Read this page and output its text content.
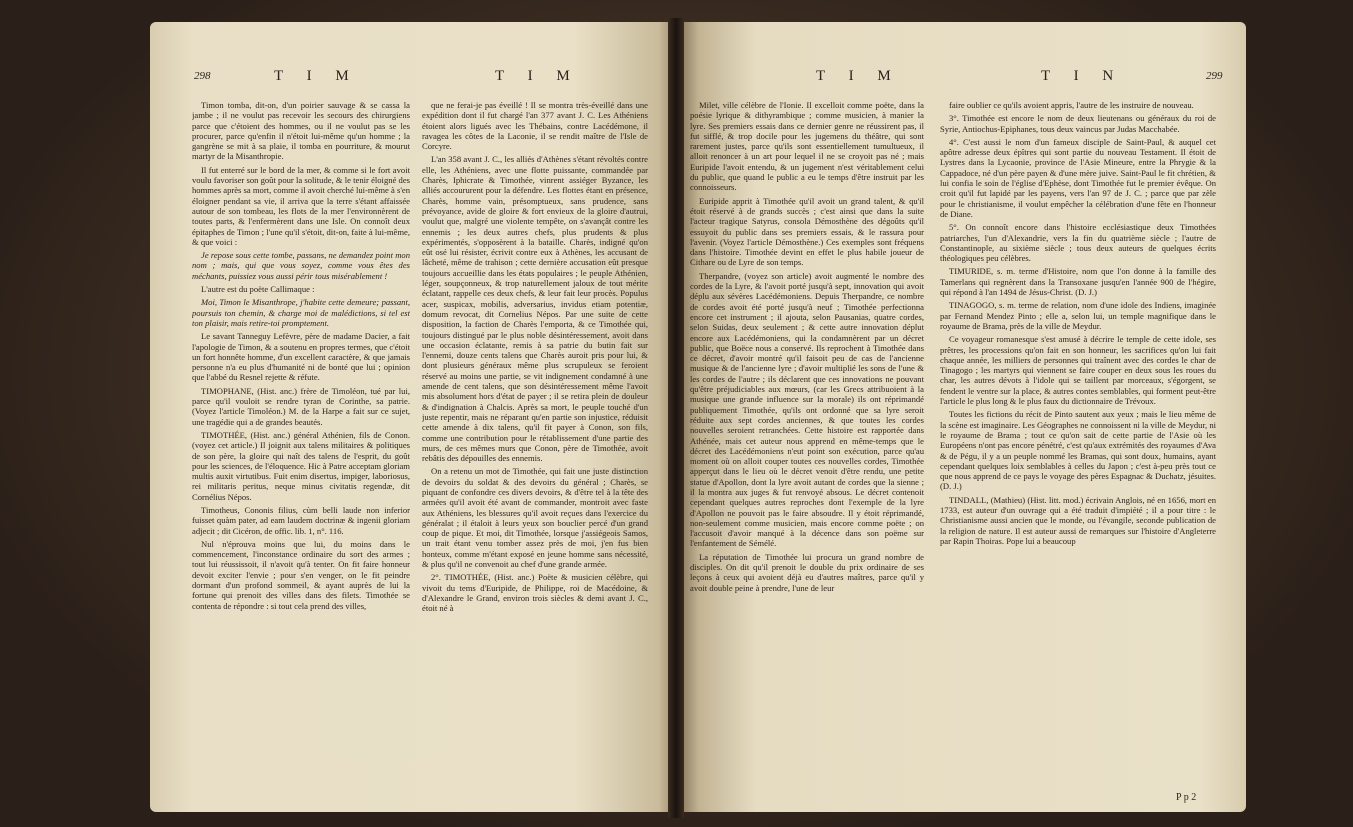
298	T I M	T I M

Timon tomba, dit-on, d'un poirier sauvage & se cassa la jambe ; il ne voulut pas recevoir les secours des chirurgiens parce que c'étoient des hommes, ou il ne voulut pas se les procurer, parce qu'enfin il n'étoit lui-même qu'un homme ; la gangrène se mit à sa plaie, il tomba en pourriture, & mourut martyr de la Misanthropie.

Il fut enterré sur le bord de la mer, & comme si le fort avoit voulu favoriser son goût pour la solitude, & le tenir éloigné des hommes après sa mort, comme il avoit cherché lui-même à s'en éloigner pendant sa vie, il arriva que la terre s'étant affaissée autour de son tombeau, les flots de la mer l'environnèrent de toutes parts, & l'enfermèrent dans une Isle. On connoît deux épitaphes de Timon ; l'une qu'il s'étoit, dit-on, faite à lui-même, & que voici :

Je repose sous cette tombe, passans, ne demandez point mon nom ; mais, qui que vous soyez, comme vous êtes des méchants, puissiez vous aussi périr tous misérablement !

L'autre est du poëte Callimaque :

Moi, Timon le Misanthrope, j'habite cette demeure; passant, poursuis ton chemin, & charge moi de malédictions, si tel est ton plaisir, mais retire-toi promptement.

Le savant Tanneguy Lefèvre, père de madame Dacier, a fait l'apologie de Timon, & a soutenu en propres termes, que c'étoit un fort honnête homme, d'un excellent caractère, & que jamais personne n'a eu plus d'humanité ni de bonté que lui ; opinion que l'abbé du Resnel rejette & réfute.

TIMOPHANE, (Hist. anc.) frère de Timoléon, tué par lui, parce qu'il vouloit se rendre tyran de Corinthe, sa patrie. (Voyez l'article Timoléon.) M. de la Harpe a fait sur ce sujet, une tragédie qui a de grandes beautés.

TIMOTHÉE, (Hist. anc.) général Athénien, fils de Conon. (voyez cet article.) Il joignit aux talens militaires & politiques de son père, la gloire qui naît des talens de l'esprit, du goût pour les sciences, de l'éloquence. Hic à Patre acceptam gloriam multis auxit virtutibus. Fuit enim disertus, impiger, laboriosus, rei militaris peritus, neque minus civitatis regendæ, dit Cornélius Népos.

Timotheus, Cononis filius, cùm belli laude non inferior fuisset quàm pater, ad eam laudem doctrinæ & ingenii gloriam adjecit ; dit Cicéron, de offic. lib. 1, n°. 116.

Nul n'éprouva moins que lui, du moins dans le commencement, l'inconstance ordinaire du sort des armes ; tout lui réussissoit, il n'avoit qu'à tenter. On fit faire honneur devoit exciter l'envie ; pour s'en venger, on le fit peindre dormant d'un profond sommeil, & ayant auprès de lui la fortune qui prenoit des villes dans des filets. Timothée se contenta de répondre : si tout cela prend des villes,

que ne ferai-je pas éveillé ! Il se montra très-éveillé dans une expédition dont il fut chargé l'an 377 avant J. C. Les Athéniens étoient alors ligués avec les Thébains, contre Lacédémone, il ravagea les côtes de la Laconie, il se rendit maître de l'Isle de Corcyre.

L'an 358 avant J. C., les alliés d'Athènes s'étant révoltés contre elle, les Athéniens, avec une flotte puissante, commandée par Charès, Iphicrate & Timothée, vinrent assiéger Byzance, les alliés accoururent pour la défendre. Les flottes étant en présence, Charès, homme vain, présomptueux, sans prudence, sans prévoyance, avide de gloire & fort envieux de la gloire d'autrui, voulut que, malgré une violente tempête, on s'avançât contre les ennemis ; les deux autres chefs, plus prudents & plus expérimentés, s'opposèrent à la bataille. Charès, indigné qu'on eût osé lui résister, écrivit contre eux à Athènes, les accusant de lâcheté, même de trahison ; cette dernière accusation eût presque toujours accueillie dans les états populaires ; le peuple Athénien, léger, soupçonneux, & trop naturellement jaloux de tout mérite éclatant, rappelle ces deux chefs, & leur fait leur procès. Populus acer, suspicax, mobilis, adversarius, invidus etiam potentiæ, domum revocat, dit Cornelius Népos. Par une suite de cette disposition, la faction de Charès l'emporta, & ce Timothée qui, toujours distingué par le plus noble désintéressement, avoit dans une occasion éclatante, remis à sa patrie du butin fait sur l'ennemi, douze cents talens que Charès auroit pris pour lui, & dont plusieurs généraux même plus scrupuleux se feroient réservé au moins une partie, se vit indignement condamné à une amende de cent talens, que son désintéressement même l'avoit mis absolument hors d'état de payer ; il se retira plein de douleur & d'indignation à Chalcis. Après sa mort, le peuple touché d'un juste repentir, mais ne réparant qu'en partie son injustice, réduisit cette amende à dix talens, qu'il fit payer à Conon, son fils, comme une contribution pour le rétablissement d'une partie des murs, de ces mêmes murs que Conon, père de Timothée, avoit rebâtis des dépouilles des ennemis.

On a retenu un mot de Timothée, qui fait une juste distinction de devoirs du soldat & des devoirs du général ; Charès, se piquant de confondre ces divers devoirs, & d'être tel à la tête des armées qu'il avoit été avant de commander, montroit avec faste aux Athéniens, les blessures qu'il avoit reçues dans l'exercice du généralat ; il étaloit à leurs yeux son bouclier percé d'un grand coup de pique. Et moi, dit Timothée, lorsque j'assiégeois Samos, un trait étant venu tomber assez près de moi, j'en fus bien honteux, comme m'étant exposé en jeune homme sans nécessité, & plus qu'il ne convenoit au chef d'une grande armée.

2°. TIMOTHÉE, (Hist. anc.) Poëte & musicien célèbre, qui vivoit du tems d'Euripide, de Philippe, roi de Macédoine, & d'Alexandre le Grand, environ trois siècles & demi avant J. C., étoit né à

T I M	T I N	299

Milet, ville célèbre de l'Ionie. Il excelloit comme poëte, dans la poésie lyrique & dithyrambique ; comme musicien, à manier la lyre. Ses premiers essais dans ce dernier genre ne réussirent pas, il fut sifflé, & trop docile pour les jugemens du théâtre, qui sont rarement justes, parce qu'ils sont essentiellement tumultueux, il alloit renoncer à un art pour lequel il ne se croyoit pas né ; mais Euripide l'avoit entendu, & un jugement n'est véritablement celui du public, que quand le public a eu le temps d'être instruit par les connoisseurs.

Euripide apprit à Timothée qu'il avoit un grand talent, & qu'il étoit réservé à de grands succès ; c'est ainsi que dans la suite l'acteur tragique Satyrus, consola Démosthène des dégoûts qu'il essuyoit du public dans ses premiers essais, & le rassura pour l'avenir. (Voyez l'article Démosthène.) Ces exemples sont fréquens dans l'histoire. Timothée devint en effet le plus habile joueur de Cithare ou de Lyre de son temps.

Therpandre, (voyez son article) avoit augmenté le nombre des cordes de la Lyre, & l'avoit porté jusqu'à sept, innovation qui avoit déplu aux sévères Lacédémoniens. Depuis Therpandre, ce nombre de cordes avoit été porté jusqu'à neuf ; Timothée perfectionna encore cet instrument ; il ajouta, selon Pausanias, quatre cordes, selon Suidas, deux seulement ; & cette autre innovation déplut encore aux Lacédémoniens, qui la condamnèrent par un décret public, que Boëce nous a conservé. Ils reprochent à Timothée dans ce décret, d'avoir montré qu'il faisoit peu de cas de l'ancienne musique & de l'ancienne lyre ; d'avoir multiplié les sons de l'une & les cordes de l'autre ; ils déclarent que ces innovations ne pouvant qu'être préjudiciables aux mœurs, (car les Grecs attribuoient à la musique une grande influence sur la morale) ils ont réprimandé publiquement Timothée, qu'ils ont ordonné que sa lyre seroit réduite aux sept cordes anciennes, & que toutes les cordes nouvelles seroient retranchées. Cette histoire est rapportée dans Athénée, mais cet auteur nous apprend en même-temps que le décret des Lacédémoniens n'eut point son exécution, parce qu'au moment où on alloit couper toutes ces nouvelles cordes, Timothée apperçut dans le lieu où le décret venoit d'être rendu, une petite statue d'Apollon, dont la lyre avoit autant de cordes que la sienne ; il la montra aux juges & fut renvoyé absous. Le décret contenoit cependant quelques autres reproches dont l'exemple de la lyre d'Apollon ne pouvoit pas le faire absoudre. Il y étoit réprimandé, non-seulement comme musicien, mais encore comme poëte ; on l'accusoit d'avoir manqué à la décence dans son poëme sur l'enfantement de Sémélé.

La réputation de Timothée lui procura un grand nombre de disciples. On dit qu'il prenoit le double du prix ordinaire de ses leçons à ceux qui avoient déjà eu d'autres maîtres, parce qu'il y avoit double peine à prendre, l'une de leur

faire oublier ce qu'ils avoient appris, l'autre de les instruire de nouveau.

3°. Timothée est encore le nom de deux lieutenans ou généraux du roi de Syrie, Antiochus-Epiphanes, tous deux vaincus par Judas Macchabée.

4°. C'est aussi le nom d'un fameux disciple de Saint-Paul, & auquel cet apôtre adresse deux épîtres qui sont partie du nouveau Testament. Il étoit de Lystres dans la Lycaonie, province de l'Asie Mineure, entre la Phrygie & la Cappadoce, né d'un père payen & d'une mère juive. Saint-Paul le fit chrétien, & lui confia le soin de l'église d'Ephèse, dont Timothée fut le premier évêque. On croit qu'il fut lapidé par les payens, vers l'an 97 de J. C. ; parce que par zèle pour le christianisme, il voulut empêcher la célébration d'une fête en l'honneur de Diane.

5°. On connoît encore dans l'histoire ecclésiastique deux Timothées patriarches, l'un d'Alexandrie, vers la fin du quatrième siècle ; l'autre de Constantinople, au sixième siècle ; tous deux auteurs de quelques écrits théologiques peu célèbres.

TIMURIDE, s. m. terme d'Histoire, nom que l'on donne à la famille des Tamerlans qui regnèrent dans la Transoxane jusqu'en l'année 900 de l'hégire, qui répond à l'an 1494 de Jésus-Christ. (D. J.)

TINAGOGO, s. m. terme de relation, nom d'une idole des Indiens, imaginée par Fernand Mendez Pinto ; elle a, selon lui, un temple magnifique dans le royaume de Brama, près de la ville de Meydur.

Ce voyageur romanesque s'est amusé à décrire le temple de cette idole, ses prêtres, les processions qu'on fait en son honneur, les sacrifices qu'on lui fait chaque année, les milliers de personnes qui traînent avec des cordes le char de Tinagogo ; les martyrs qui viennent se faire couper en deux sous les roues du char, les autres dévots à l'idole qui se taillent par morceaux, s'égorgent, se fendent le ventre sur la place, & autres contes semblables, qui forment peut-être l'article le plus long & le plus faux du dictionnaire de Trévoux.

Toutes les fictions du récit de Pinto sautent aux yeux ; mais le lieu même de la scène est imaginaire. Les Géographes ne connoissent ni la ville de Meydur, ni le royaume de Brama ; tout ce qu'on sait de cette partie de l'Asie où les Européens n'ont pas encore pénétré, c'est qu'aux extrémités des royaumes d'Ava & de Pégu, il y a un peuple nommé les Bramas, qui sont doux, humains, ayant cependant quelques loix semblables à celles du Japon ; c'est à-peu près tout ce que nous apprend de ce pays le voyage des pères Espagnac & Duchatz, jésuites. (D. J.)

TINDALL, (Mathieu) (Hist. litt. mod.) écrivain Anglois, né en 1656, mort en 1733, est auteur d'un ouvrage qui a été traduit d'impiété ; il a pour titre : le Christianisme aussi ancien que le monde, ou l'évangile, seconde publication de la religion de nature. Il est auteur aussi de remarques sur l'histoire d'Angleterre par Rapin Thoiras. Pope lui a beaucoup

P p 2
